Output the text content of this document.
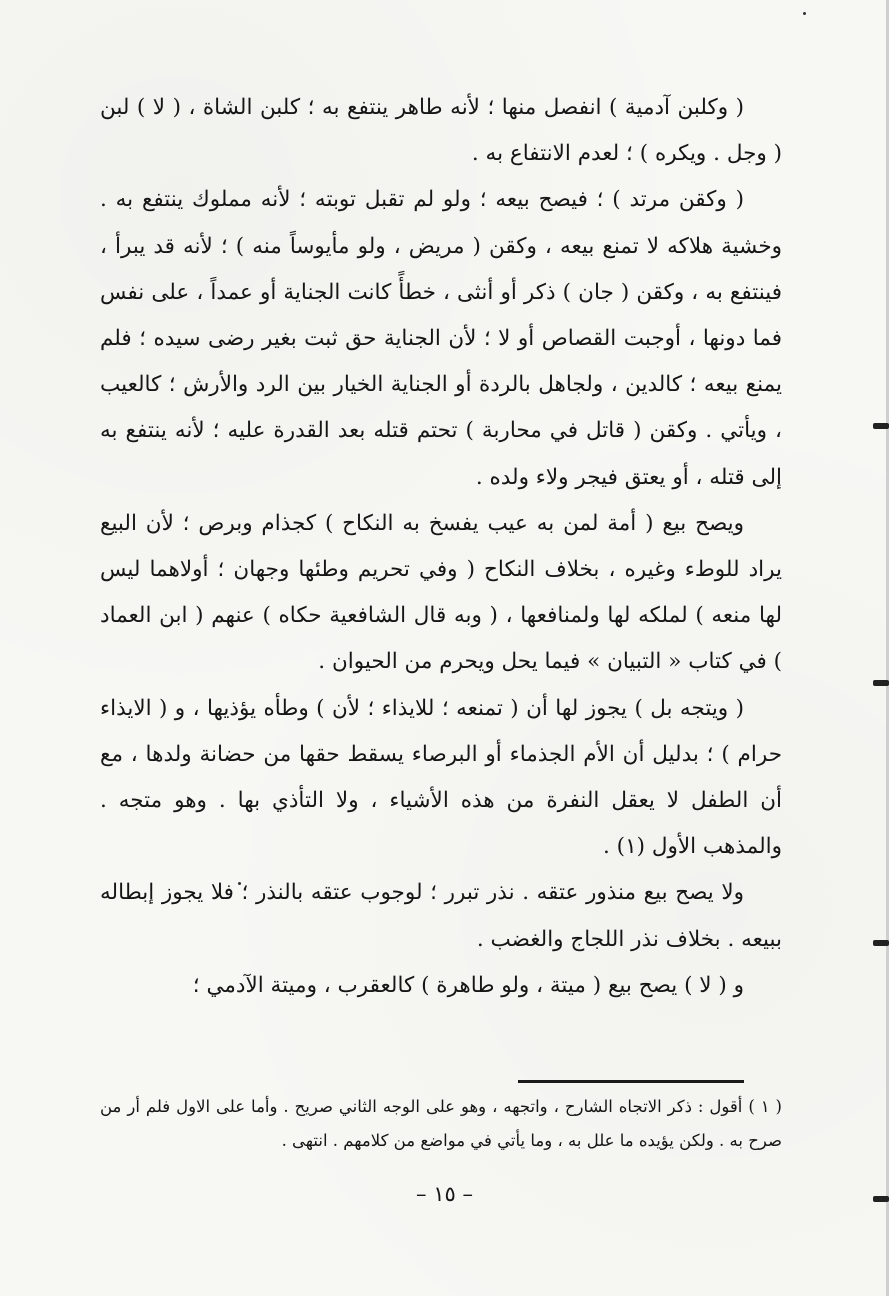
( وكلبن آدمية ) انفصل منها ؛ لأنه طاهر ينتفع به ؛ كلبن الشاة ، ( لا ) لبن ( وجل . ويكره ) ؛ لعدم الانتفاع به .

( وكقن مرتد ) ؛ فيصح بيعه ؛ ولو لم تقبل توبته ؛ لأنه مملوك ينتفع به . وخشية هلاكه لا تمنع بيعه ، وكقن ( مريض ، ولو مأيوساً منه ) ؛ لأنه قد يبرأ ، فينتفع به ، وكقن ( جان ) ذكر أو أنثى ، خطأً كانت الجناية أو عمداً ، على نفس فما دونها ، أوجبت القصاص أو لا ؛ لأن الجناية حق ثبت بغير رضى سيده ؛ فلم يمنع بيعه ؛ كالدين ، ولجاهل بالردة أو الجناية الخيار بين الرد والأرش ؛ كالعيب ، ويأتي . وكقن ( قاتل في محاربة ) تحتم قتله بعد القدرة عليه ؛ لأنه ينتفع به إلى قتله ، أو يعتق فيجر ولاء ولده .

ويصح بيع ( أمة لمن به عيب يفسخ به النكاح ) كجذام وبرص ؛ لأن البيع يراد للوطء وغيره ، بخلاف النكاح ( وفي تحريم وطئها وجهان ؛ أولاهما ليس لها منعه ) لملكه لها ولمنافعها ، ( وبه قال الشافعية حكاه ) عنهم ( ابن العماد ) في كتاب « التبيان » فيما يحل ويحرم من الحيوان .

( ويتجه بل ) يجوز لها أن ( تمنعه ؛ للايذاء ؛ لأن ) وطأه يؤذيها ، و ( الايذاء حرام ) ؛ بدليل أن الأم الجذماء أو البرصاء يسقط حقها من حضانة ولدها ، مع أن الطفل لا يعقل النفرة من هذه الأشياء ، ولا التأذي بها . وهو متجه . والمذهب الأول (١) .

ولا يصح بيع منذور عتقه . نذر تبرر ؛ لوجوب عتقه بالنذر ؛ فلا يجوز إبطاله ببيعه . بخلاف نذر اللجاج والغضب .

و ( لا ) يصح بيع ( ميتة ، ولو طاهرة ) كالعقرب ، وميتة الآدمي ؛

( ١ ) أقول : ذكر الاتجاه الشارح ، واتجهه ، وهو على الوجه الثاني صريح . وأما على الاول فلم أر من صرح به . ولكن يؤيده ما علل به ، وما يأتي في مواضع من كلامهم . انتهى .

– ١٥ –
